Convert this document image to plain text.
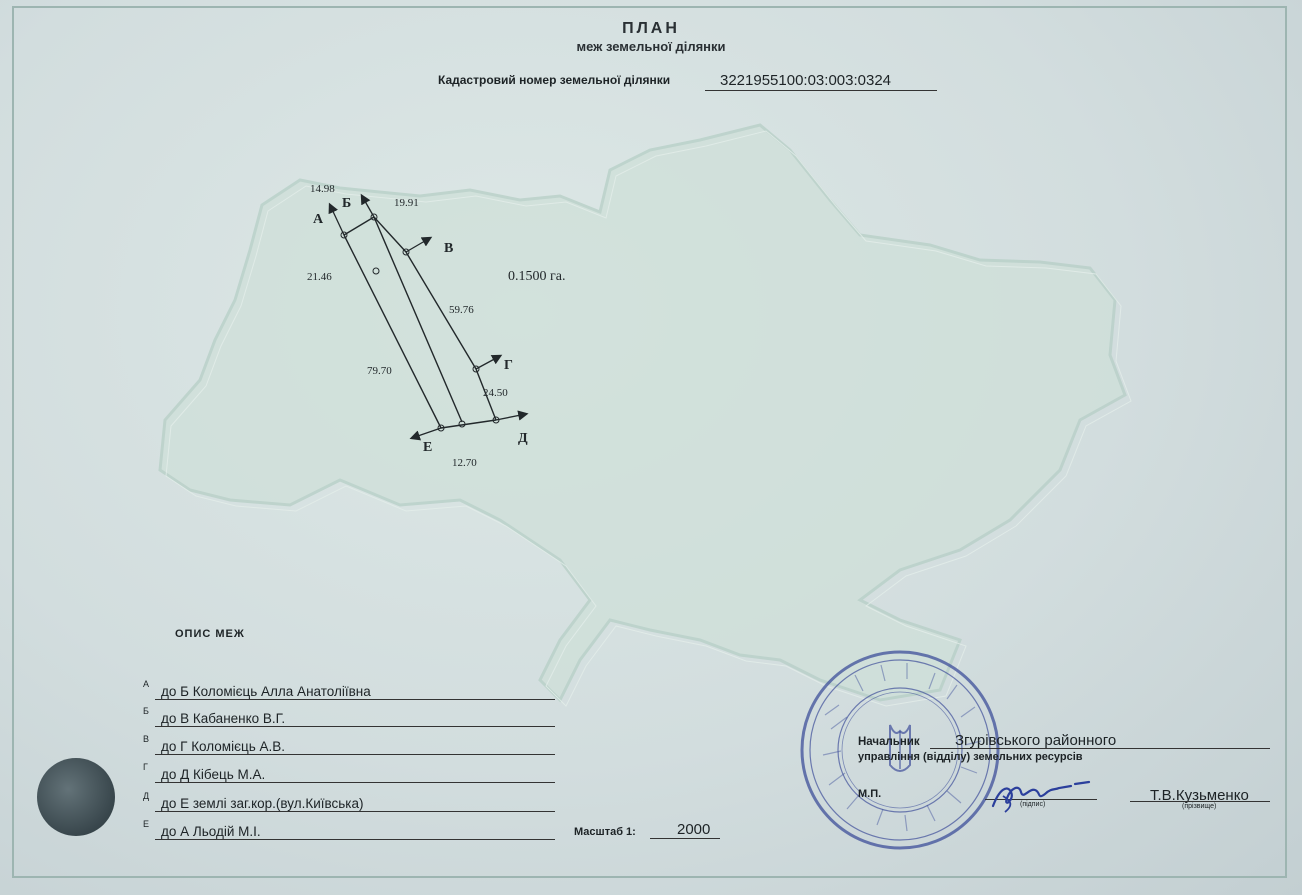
ПЛАН
меж земельної ділянки
Кадастровий номер земельної ділянки	3221955100:03:003:0324
А
Б
В
Г
Д
Е
14.98
19.91
21.46
59.76
79.70
24.50
12.70
0.1500 га.
ОПИС МЕЖ
А до Б Коломієць Алла Анатоліївна
Б до В Кабаненко В.Г.
В до Г Коломієць А.В.
Г до Д Кібець М.А.
Д до Е землі заг.кор.(вул.Київська)
Е до А Льодій М.І.	Масштаб 1:	2000
Начальник Згурівського районного
управління (відділу) земельних ресурсів
М.П.
(підпис)
Т.В.Кузьменко
(прізвище)
